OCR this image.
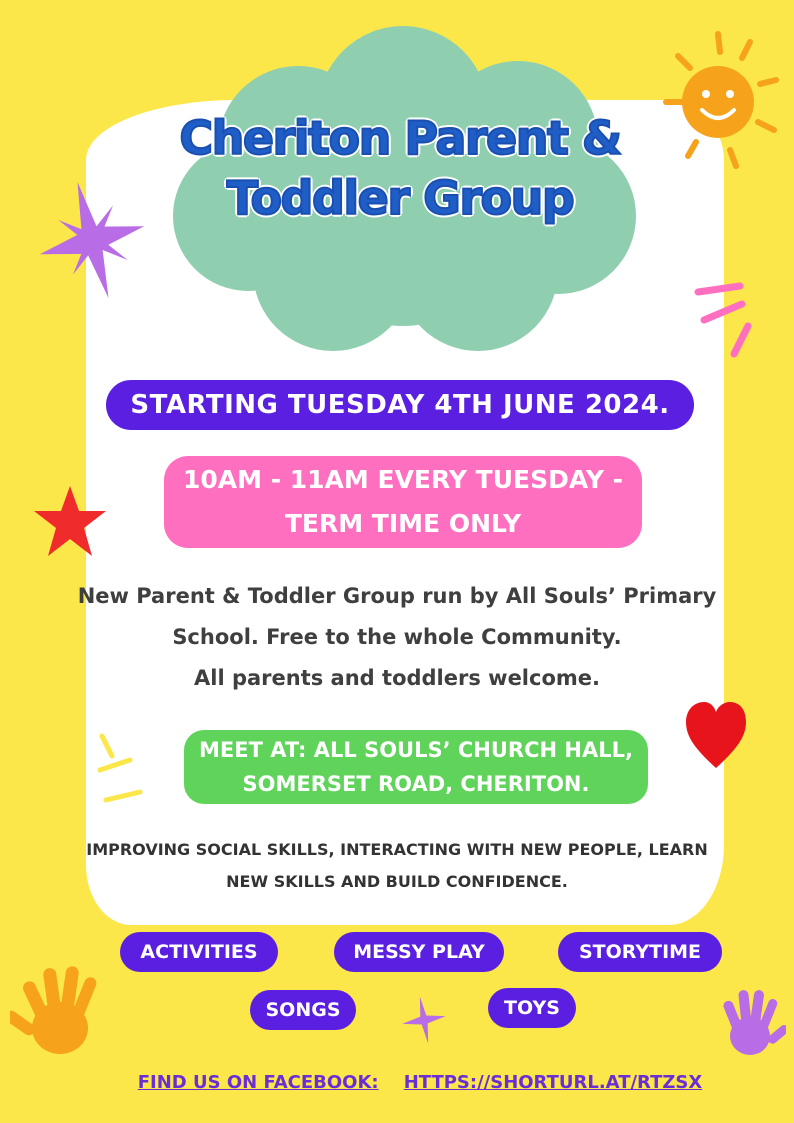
Cheriton Parent &
Toddler Group
STARTING TUESDAY 4TH JUNE 2024.
10AM - 11AM EVERY TUESDAY -
TERM TIME ONLY
New Parent & Toddler Group run by All Souls’ Primary
School. Free to the whole Community.
All parents and toddlers welcome.
MEET AT: ALL SOULS’ CHURCH HALL,
SOMERSET ROAD, CHERITON.
IMPROVING SOCIAL SKILLS, INTERACTING WITH NEW PEOPLE, LEARN
NEW SKILLS AND BUILD CONFIDENCE.
ACTIVITIES	MESSY PLAY	STORYTIME
SONGS	TOYS
FIND US ON FACEBOOK: HTTPS://SHORTURL.AT/RTZSX
